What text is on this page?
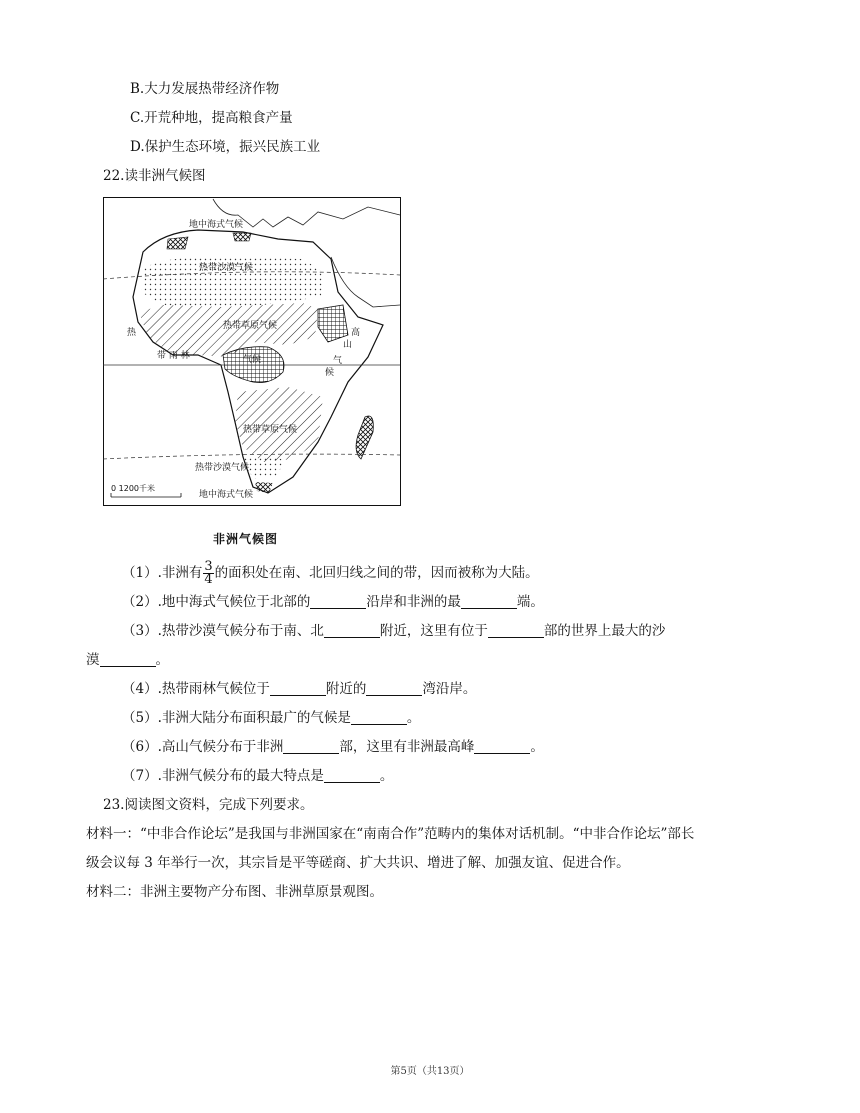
B.大力发展热带经济作物
C.开荒种地，提高粮食产量
D.保护生态环境，振兴民族工业
22.读非洲气候图
地中海式气候
热带沙漠气候
热带草原气候
热
带 雨 林	气候
高
山
气
候
热带草原气候
热带沙漠气候
地中海式气候
0 1200千米
非洲气候图
（1）.非洲有 $\frac{3}{4}$ 的面积处在南、北回归线之间的带，因而被称为大陆。
（2）.地中海式气候位于北部的	沿岸和非洲的最	端。
（3）.热带沙漠气候分布于南、北	附近，这里有位于	部的世界上最大的沙
漠	。
（4）.热带雨林气候位于	附近的	湾沿岸。
（5）.非洲大陆分布面积最广的气候是	。
（6）.高山气候分布于非洲	部，这里有非洲最高峰	。
（7）.非洲气候分布的最大特点是	。
23.阅读图文资料，完成下列要求。
材料一：“中非合作论坛”是我国与非洲国家在“南南合作”范畴内的集体对话机制。“中非合作论坛”部长
级会议每 3 年举行一次，其宗旨是平等磋商、扩大共识、增进了解、加强友谊、促进合作。
材料二：非洲主要物产分布图、非洲草原景观图。
第5页（共13页）
